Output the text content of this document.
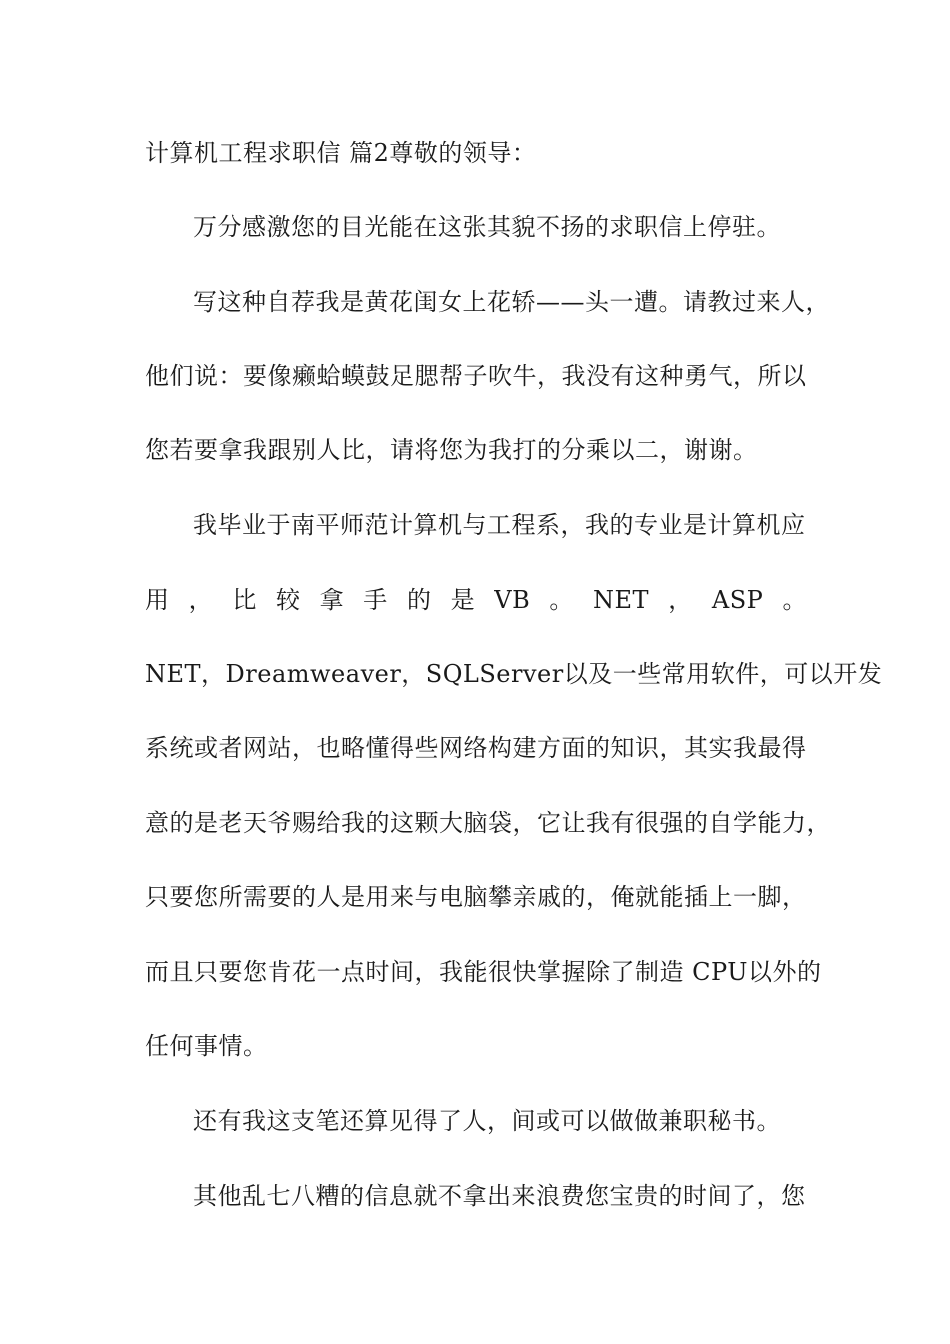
计算机工程求职信 篇2尊敬的领导：
万分感激您的目光能在这张其貌不扬的求职信上停驻。
写这种自荐我是黄花闺女上花轿——头一遭。请教过来人，
他们说：要像癞蛤蟆鼓足腮帮子吹牛，我没有这种勇气，所以
您若要拿我跟别人比，请将您为我打的分乘以二，谢谢。
我毕业于南平师范计算机与工程系，我的专业是计算机应
用 ， 比 较 拿 手 的 是 VB 。 NET ， ASP 。
NET，Dreamweaver，SQLServer以及一些常用软件，可以开发
系统或者网站，也略懂得些网络构建方面的知识，其实我最得
意的是老天爷赐给我的这颗大脑袋，它让我有很强的自学能力，
只要您所需要的人是用来与电脑攀亲戚的，俺就能插上一脚，
而且只要您肯花一点时间，我能很快掌握除了制造 CPU以外的
任何事情。
还有我这支笔还算见得了人，间或可以做做兼职秘书。
其他乱七八糟的信息就不拿出来浪费您宝贵的时间了，您
